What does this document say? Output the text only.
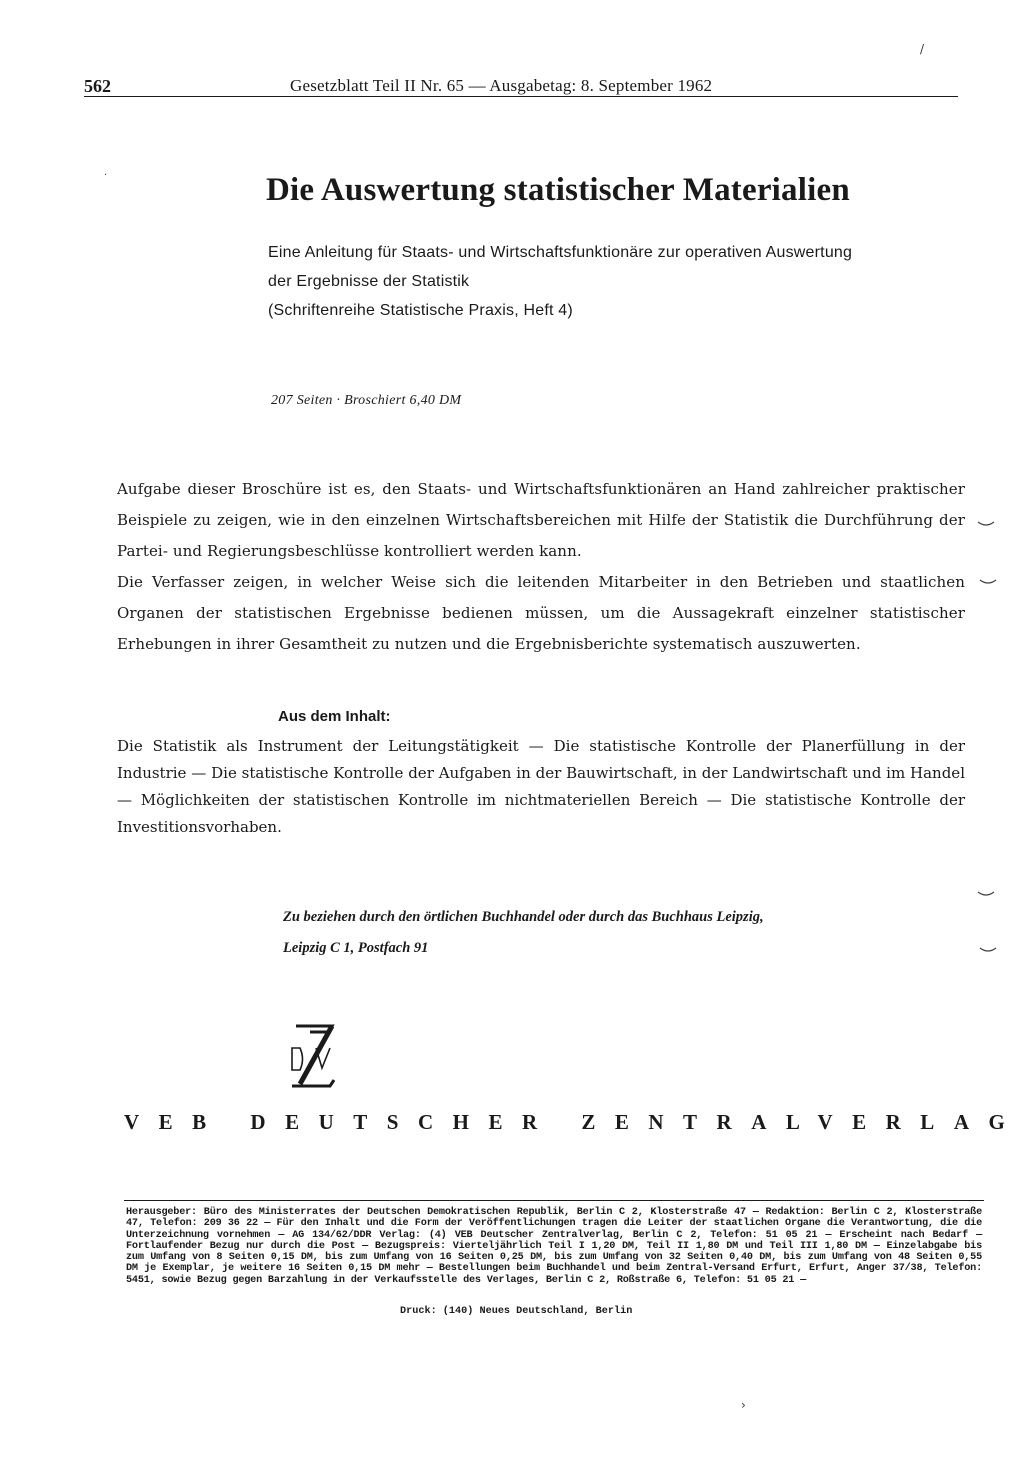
562	Gesetzblatt Teil II Nr. 65 — Ausgabetag: 8. September 1962
Die Auswertung statistischer Materialien
Eine Anleitung für Staats- und Wirtschaftsfunktionäre zur operativen Auswertung
der Ergebnisse der Statistik
(Schriftenreihe Statistische Praxis, Heft 4)
207 Seiten · Broschiert 6,40 DM
Aufgabe dieser Broschüre ist es, den Staats- und Wirtschaftsfunktionären an Hand zahlreicher praktischer Beispiele zu zeigen, wie in den einzelnen Wirtschaftsbereichen mit Hilfe der Statistik die Durchführung der Partei- und Regierungsbeschlüsse kontrolliert werden kann.
Die Verfasser zeigen, in welcher Weise sich die leitenden Mitarbeiter in den Betrieben und staatlichen Organen der statistischen Ergebnisse bedienen müssen, um die Aussagekraft einzelner statistischer Erhebungen in ihrer Gesamtheit zu nutzen und die Ergebnisberichte systematisch auszuwerten.
Aus dem Inhalt:
Die Statistik als Instrument der Leitungstätigkeit — Die statistische Kontrolle der Planerfüllung in der Industrie — Die statistische Kontrolle der Aufgaben in der Bauwirtschaft, in der Landwirtschaft und im Handel — Möglichkeiten der statistischen Kontrolle im nichtmateriellen Bereich — Die statistische Kontrolle der Investitionsvorhaben.
Zu beziehen durch den örtlichen Buchhandel oder durch das Buchhaus Leipzig,
Leipzig C 1, Postfach 91
VEB DEUTSCHER ZENTRALVERLAG
Herausgeber: Büro des Ministerrates der Deutschen Demokratischen Republik, Berlin C 2, Klosterstraße 47 — Redaktion: Berlin C 2, Klosterstraße 47, Telefon: 209 36 22 — Für den Inhalt und die Form der Veröffentlichungen tragen die Leiter der staatlichen Organe die Verantwortung, die die Unterzeichnung vornehmen — AG 134/62/DDR Verlag: (4) VEB Deutscher Zentralverlag, Berlin C 2, Telefon: 51 05 21 — Erscheint nach Bedarf — Fortlaufender Bezug nur durch die Post — Bezugspreis: Vierteljährlich Teil I 1,20 DM, Teil II 1,80 DM und Teil III 1,80 DM — Einzelabgabe bis zum Umfang von 8 Seiten 0,15 DM, bis zum Umfang von 16 Seiten 0,25 DM, bis zum Umfang von 32 Seiten 0,40 DM, bis zum Umfang von 48 Seiten 0,55 DM je Exemplar, je weitere 16 Seiten 0,15 DM mehr — Bestellungen beim Buchhandel und beim Zentral-Versand Erfurt, Erfurt, Anger 37/38, Telefon: 5451, sowie Bezug gegen Barzahlung in der Verkaufsstelle des Verlages, Berlin C 2, Roßstraße 6, Telefon: 51 05 21 —
Druck: (140) Neues Deutschland, Berlin
/
·
›
